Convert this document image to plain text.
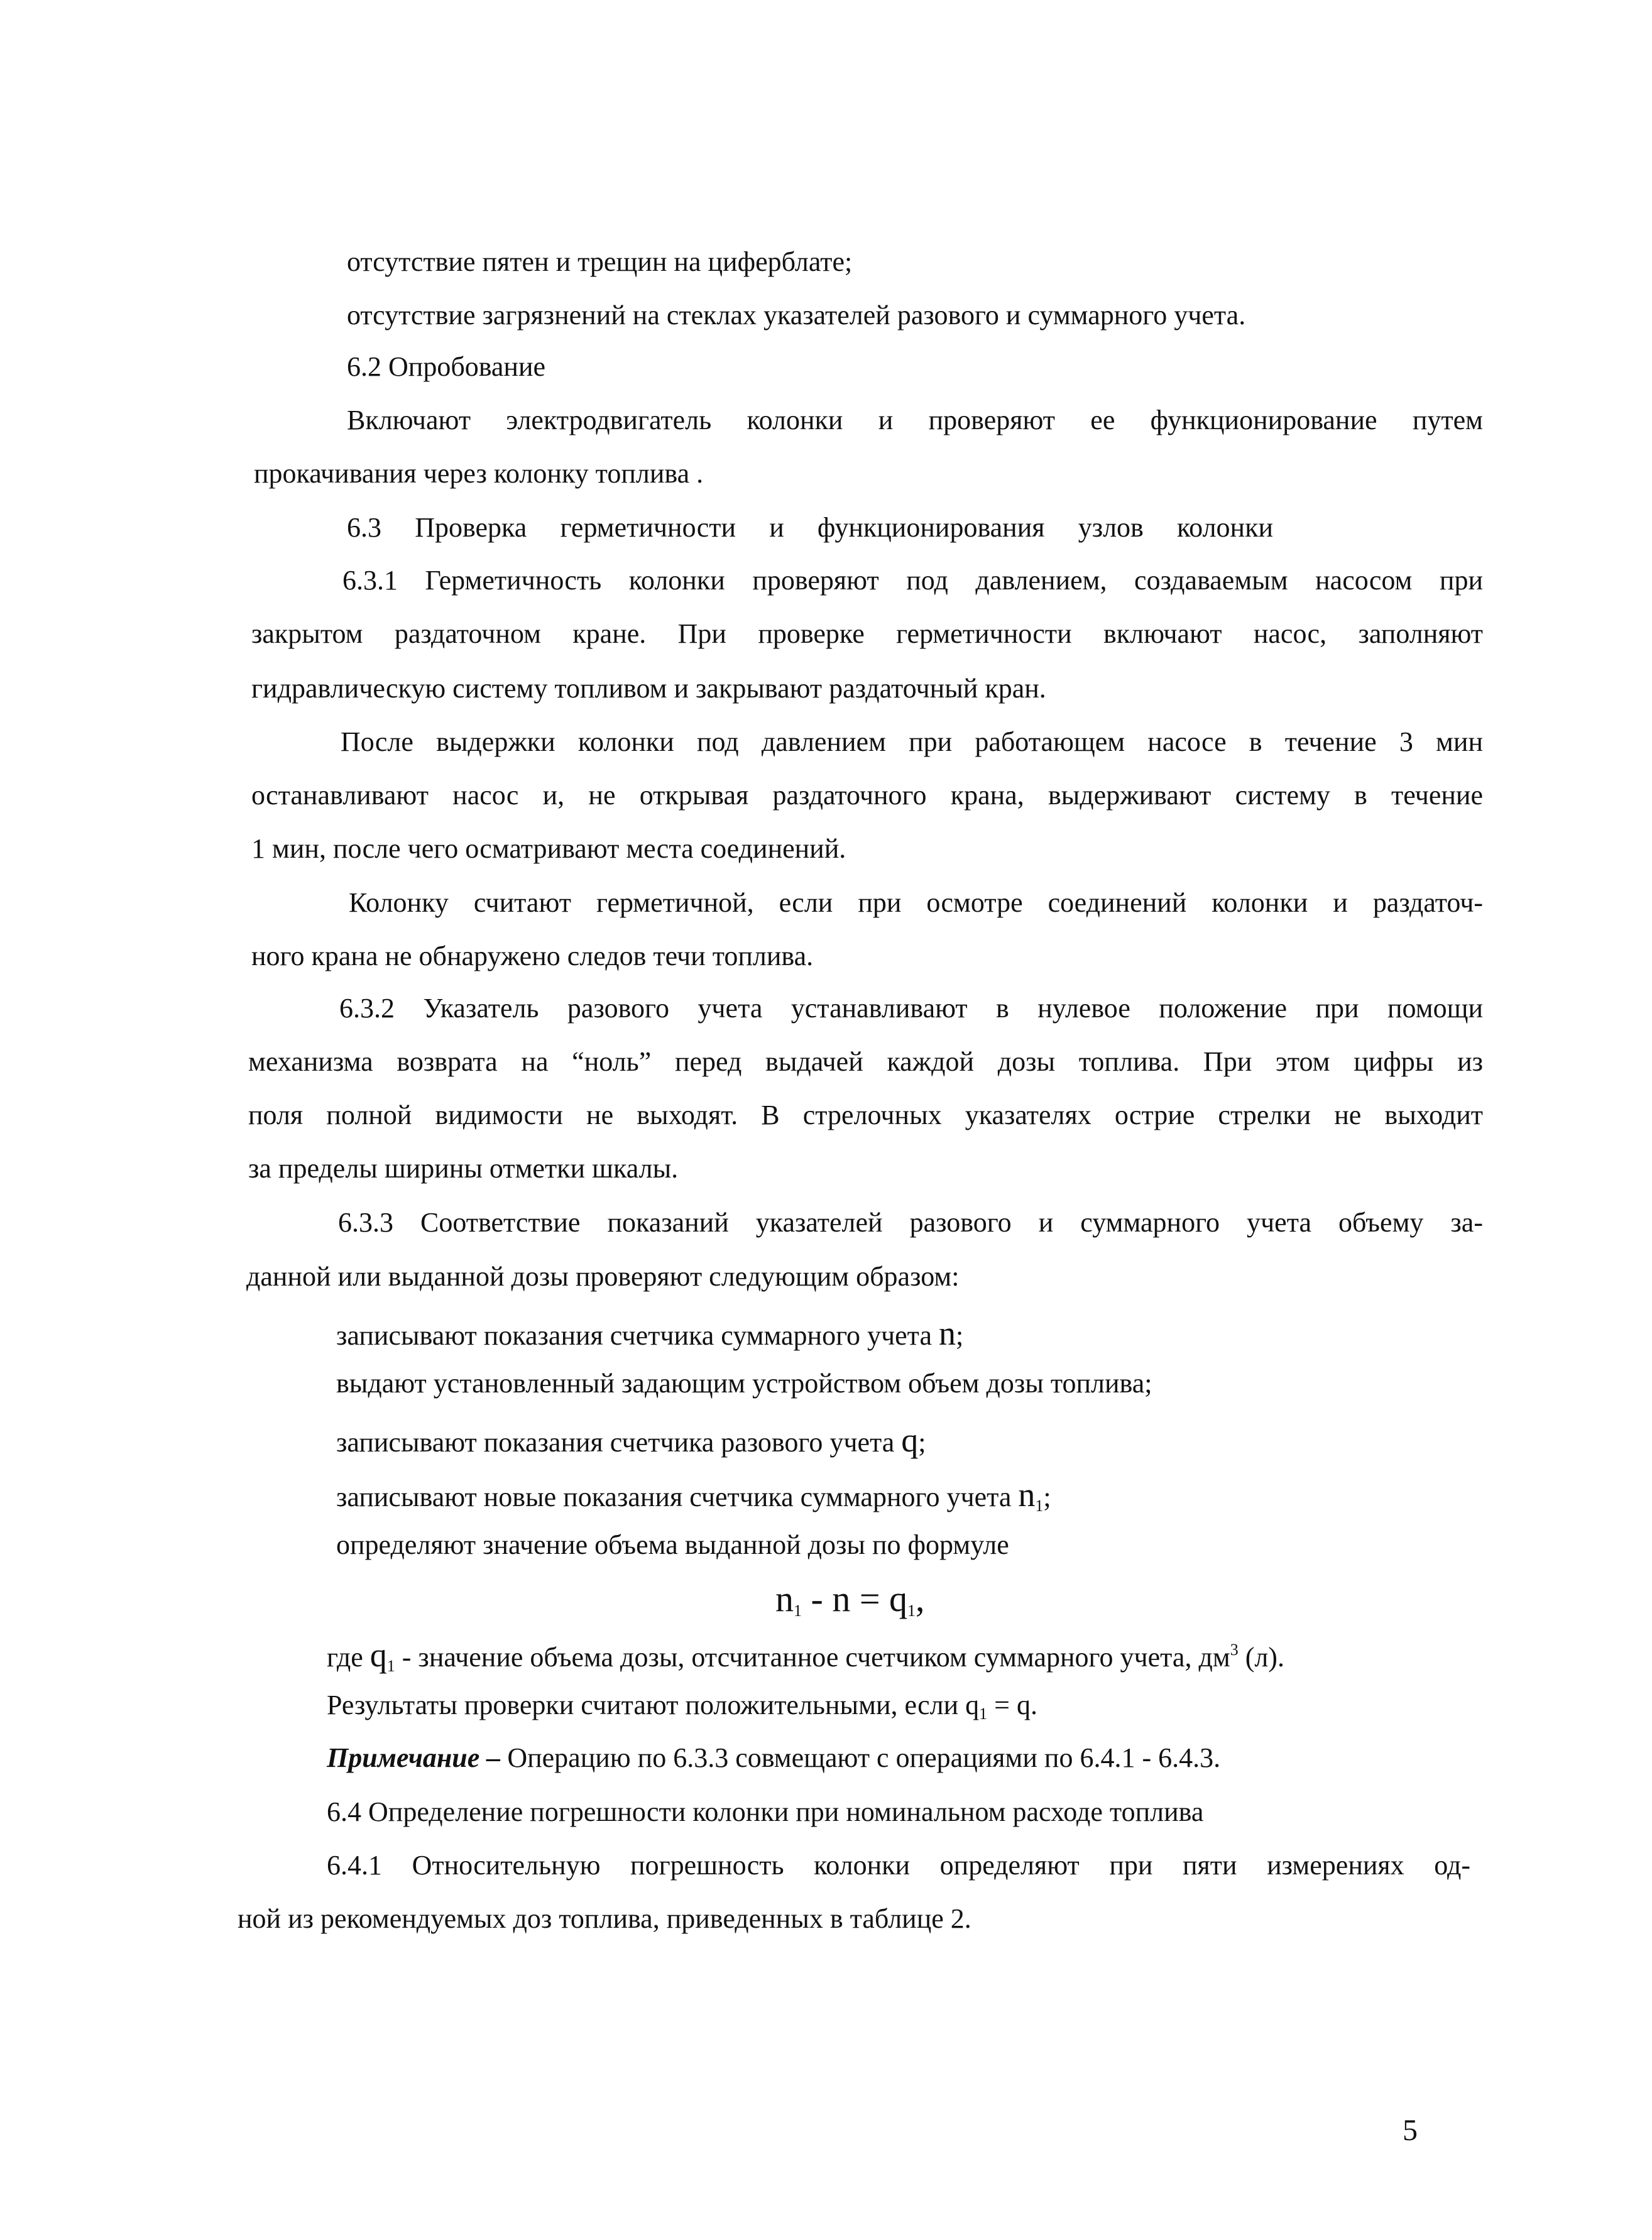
отсутствие пятен и трещин на циферблате;

отсутствие загрязнений на стеклах указателей разового и суммарного учета.

6.2 Опробование

Включают электродвигатель колонки и проверяют ее функционирование путем

прокачивания через колонку топлива .

6.3 Проверка герметичности и функционирования узлов колонки

6.3.1 Герметичность колонки проверяют под давлением, создаваемым насосом при

закрытом раздаточном кране. При проверке герметичности включают насос, заполняют

гидравлическую систему топливом и закрывают раздаточный кран.

После выдержки колонки под давлением при работающем насосе в течение 3 мин

останавливают насос и, не открывая раздаточного крана, выдерживают систему в течение

1 мин, после чего осматривают места соединений.

Колонку считают герметичной, если при осмотре соединений колонки и раздаточ-

ного крана не обнаружено следов течи топлива.

6.3.2 Указатель разового учета устанавливают в нулевое положение при помощи

механизма возврата на “ноль” перед выдачей каждой дозы топлива. При этом цифры из

поля полной видимости не выходят. В стрелочных указателях острие стрелки не выходит

за пределы ширины отметки шкалы.

6.3.3 Соответствие показаний указателей разового и суммарного учета объему за-

данной или выданной дозы проверяют следующим образом:

записывают показания счетчика суммарного учета n;

выдают установленный задающим устройством объем дозы топлива;

записывают показания счетчика разового учета q;

записывают новые показания счетчика суммарного учета n1;

определяют значение объема выданной дозы по формуле

n1 - n = q1,

где q1 - значение объема дозы, отсчитанное счетчиком суммарного учета, $дм^3$ (л).

Результаты проверки считают положительными, если q1 = q.

Примечание – Операцию по 6.3.3 совмещают с операциями по 6.4.1 - 6.4.3.

6.4 Определение погрешности колонки при номинальном расходе топлива

6.4.1 Относительную погрешность колонки определяют при пяти измерениях од-

ной из рекомендуемых доз топлива, приведенных в таблице 2.

5
